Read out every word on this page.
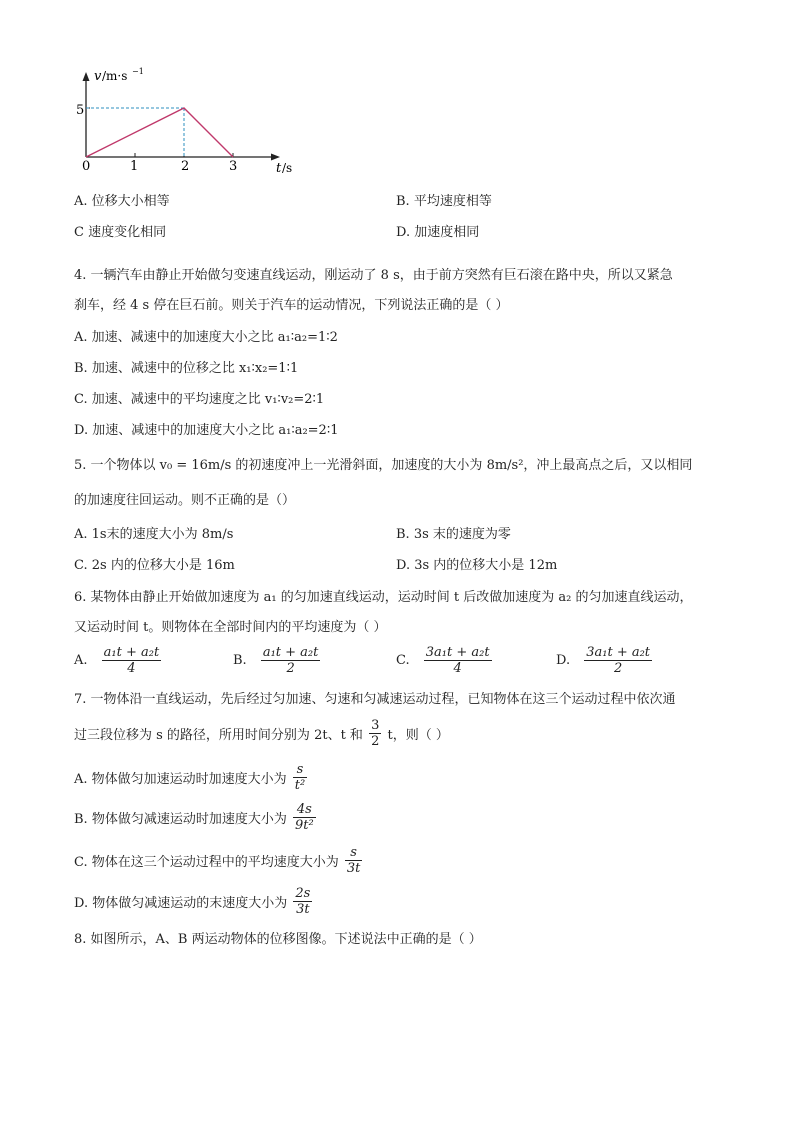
v /m·s −1
t /s
5
0	1	2	3
A. 位移大小相等	B. 平均速度相等
C 速度变化相同	D. 加速度相同
4. 一辆汽车由静止开始做匀变速直线运动，刚运动了 8 s，由于前方突然有巨石滚在路中央，所以又紧急
刹车，经 4 s 停在巨石前。则关于汽车的运动情况，下列说法正确的是（ ）
A. 加速、减速中的加速度大小之比 a₁∶a₂=1∶2
B. 加速、减速中的位移之比 x₁∶x₂=1∶1
C. 加速、减速中的平均速度之比 v₁∶v₂=2∶1
D. 加速、减速中的加速度大小之比 a₁∶a₂=2∶1
5. 一个物体以 v₀ = 16m/s 的初速度冲上一光滑斜面，加速度的大小为 8m/s²，冲上最高点之后，又以相同
的加速度往回运动。则不正确的是（）
A. 1s末的速度大小为 8m/s	B. 3s 末的速度为零
C. 2s 内的位移大小是 16m	D. 3s 内的位移大小是 12m
6. 某物体由静止开始做加速度为 a₁ 的匀加速直线运动，运动时间 t 后改做加速度为 a₂ 的匀加速直线运动，
又运动时间 t。则物体在全部时间内的平均速度为（ ）
A. $\frac{\text{a₁t + a₂t}}{4}$	B. $\frac{\text{a₁t + a₂t}}{2}$	C. $\frac{\text{3a₁t + a₂t}}{4}$	D. $\frac{\text{3a₁t + a₂t}}{2}$
7. 一物体沿一直线运动，先后经过匀加速、匀速和匀减速运动过程，已知物体在这三个运动过程中依次通
过三段位移为 s 的路径，所用时间分别为 2t、t 和 $\frac{3}{2}$ t，则（ ）
A. 物体做匀加速运动时加速度大小为 $\frac{s}{\text{t²}}$
B. 物体做匀减速运动时加速度大小为 $\frac{4s}{\text{9t²}}$
C. 物体在这三个运动过程中的平均速度大小为 $\frac{s}{3t}$
D. 物体做匀减速运动的末速度大小为 $\frac{2s}{3t}$
8. 如图所示，A、B 两运动物体的位移图像。下述说法中正确的是（ ）
